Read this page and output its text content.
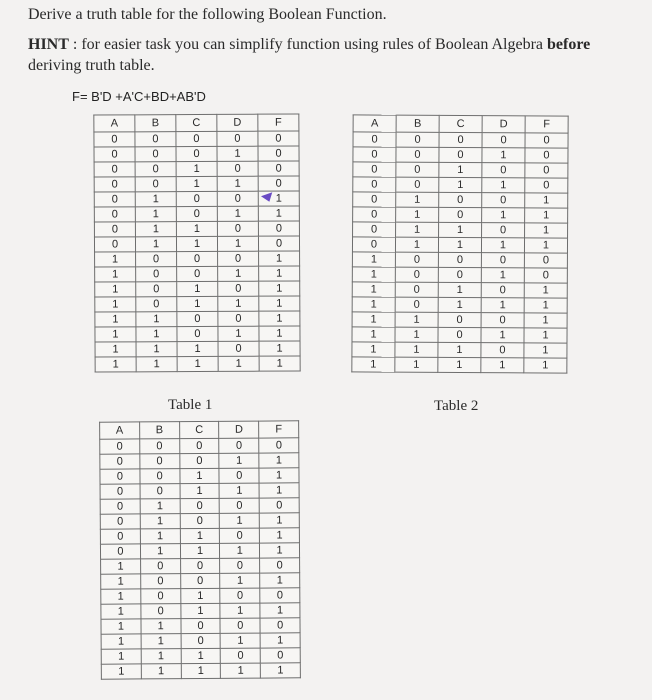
Derive a truth table for the following Boolean Function.
HINT : for easier task you can simplify function using rules of Boolean Algebra before
deriving truth table.
F= B'D +A'C+BD+AB'D
A	B	C	D	F
0	0	0	0	0
0	0	0	1	0
0	0	1	0	0
0	0	1	1	0
0	1	0	0	1
0	1	0	1	1
0	1	1	0	0
0	1	1	1	0
1	0	0	0	1
1	0	0	1	1
1	0	1	0	1
1	0	1	1	1
1	1	0	0	1
1	1	0	1	1
1	1	1	0	1
1	1	1	1	1
Table 1
A	B	C	D	F
0	0	0	0	0
0	0	0	1	0
0	0	1	0	0
0	0	1	1	0
0	1	0	0	1
0	1	0	1	1
0	1	1	0	1
0	1	1	1	1
1	0	0	0	0
1	0	0	1	0
1	0	1	0	1
1	0	1	1	1
1	1	0	0	1
1	1	0	1	1
1	1	1	0	1
1	1	1	1	1
Table 2
A	B	C	D	F
0	0	0	0	0
0	0	0	1	1
0	0	1	0	1
0	0	1	1	1
0	1	0	0	0
0	1	0	1	1
0	1	1	0	1
0	1	1	1	1
1	0	0	0	0
1	0	0	1	1
1	0	1	0	0
1	0	1	1	1
1	1	0	0	0
1	1	0	1	1
1	1	1	0	0
1	1	1	1	1
